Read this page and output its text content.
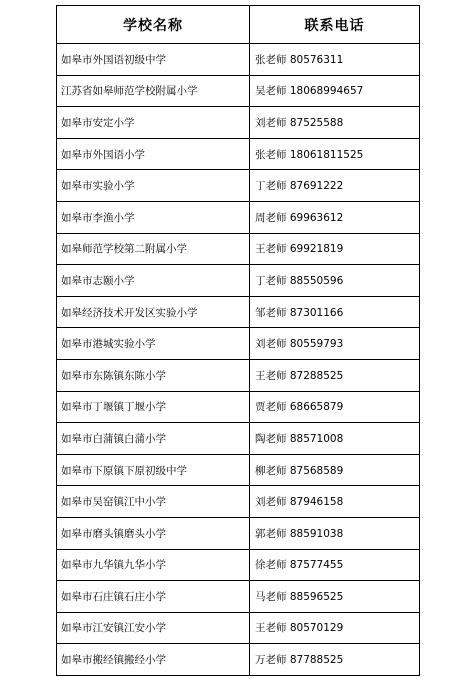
学校名称	联系电话
如皋市外国语初级中学	张老师 80576311
江苏省如皋师范学校附属小学	吴老师 18068994657
如皋市安定小学	刘老师 87525588
如皋市外国语小学	张老师 18061811525
如皋市实验小学	丁老师 87691222
如皋市李渔小学	周老师 69963612
如皋师范学校第二附属小学	王老师 69921819
如皋市志颐小学	丁老师 88550596
如皋经济技术开发区实验小学	邹老师 87301166
如皋市港城实验小学	刘老师 80559793
如皋市东陈镇东陈小学	王老师 87288525
如皋市丁堰镇丁堰小学	贾老师 68665879
如皋市白蒲镇白蒲小学	陶老师 88571008
如皋市下原镇下原初级中学	柳老师 87568589
如皋市吴窑镇江中小学	刘老师 87946158
如皋市磨头镇磨头小学	郭老师 88591038
如皋市九华镇九华小学	徐老师 87577455
如皋市石庄镇石庄小学	马老师 88596525
如皋市江安镇江安小学	王老师 80570129
如皋市搬经镇搬经小学	万老师 87788525
